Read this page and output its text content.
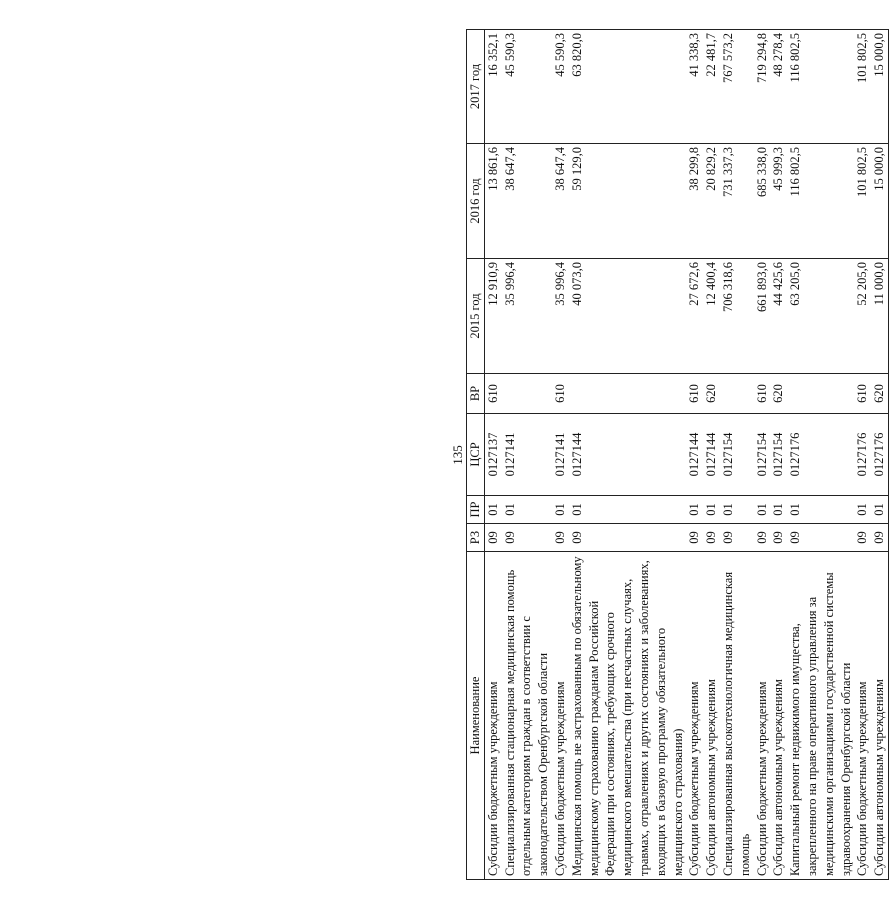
135
Наименование	РЗ	ПР	ЦСР	ВР	2015 год	2016 год	2017 год
Субсидии бюджетным учреждениям	09	01	0127137	610	12 910,9	13 861,6	16 352,1
Специализированная стационарная медицинская помощь отдельным категориям граждан в соответствии с законодательством Оренбургской области	09	01	0127141		35 996,4	38 647,4	45 590,3
Субсидии бюджетным учреждениям	09	01	0127141	610	35 996,4	38 647,4	45 590,3
Медицинская помощь не застрахованным по обязательному медицинскому страхованию гражданам Российской Федерации при состояниях, требующих срочного медицинского вмешательства (при несчастных случаях, травмах, отравлениях и других состояниях и заболеваниях, входящих в базовую программу обязательного медицинского страхования)	09	01	0127144		40 073,0	59 129,0	63 820,0
Субсидии бюджетным учреждениям	09	01	0127144	610	27 672,6	38 299,8	41 338,3
Субсидии автономным учреждениям	09	01	0127144	620	12 400,4	20 829,2	22 481,7
Специализированная высокотехнологичная медицинская помощь	09	01	0127154		706 318,6	731 337,3	767 573,2
Субсидии бюджетным учреждениям	09	01	0127154	610	661 893,0	685 338,0	719 294,8
Субсидии автономным учреждениям	09	01	0127154	620	44 425,6	45 999,3	48 278,4
Капитальный ремонт недвижимого имущества, закрепленного на праве оперативного управления за медицинскими организациями государственной системы здравоохранения Оренбургской области	09	01	0127176		63 205,0	116 802,5	116 802,5
Субсидии бюджетным учреждениям	09	01	0127176	610	52 205,0	101 802,5	101 802,5
Субсидии автономным учреждениям	09	01	0127176	620	11 000,0	15 000,0	15 000,0
